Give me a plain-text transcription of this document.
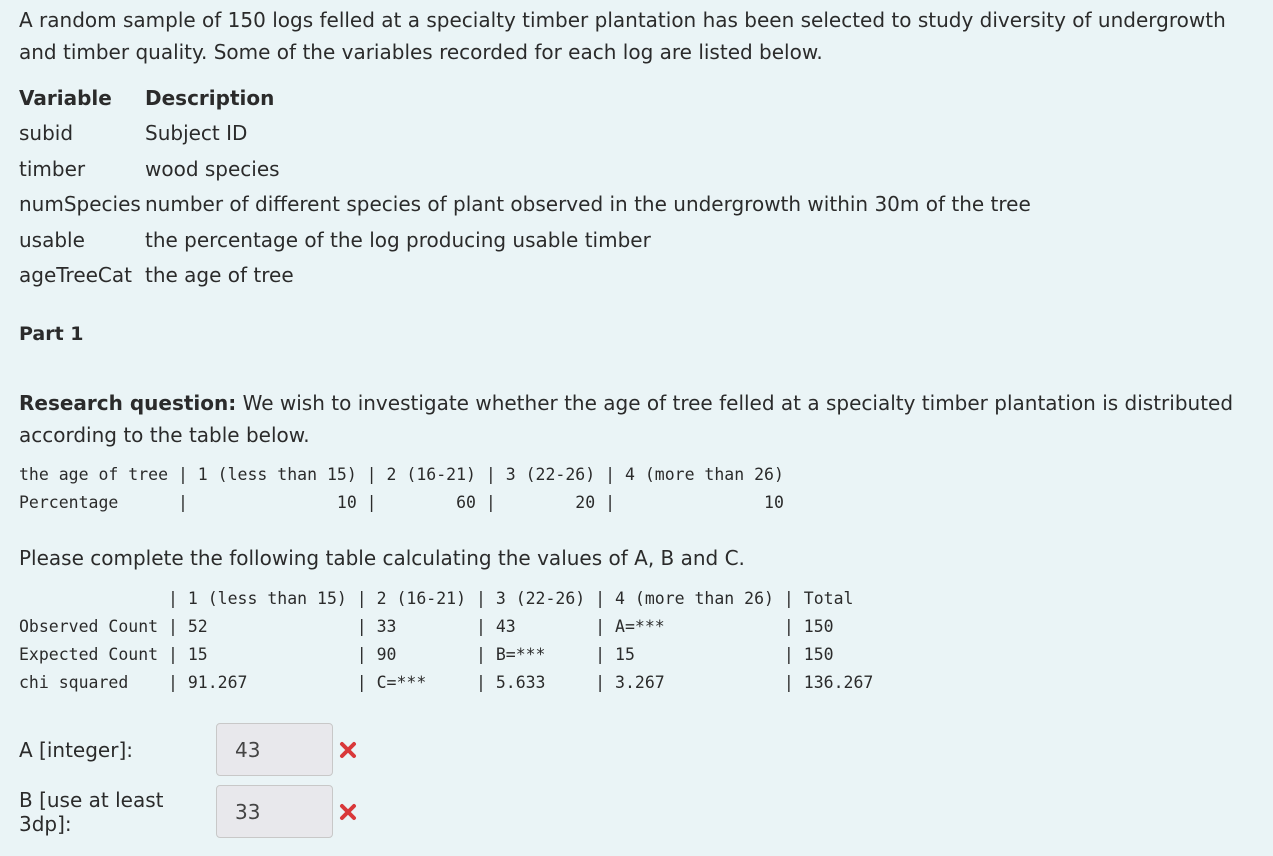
A random sample of 150 logs felled at a specialty timber plantation has been selected to study diversity of undergrowth and timber quality. Some of the variables recorded for each log are listed below.

Variable	Description
subid	Subject ID
timber	wood species
numSpecies	number of different species of plant observed in the undergrowth within 30m of the tree
usable	the percentage of the log producing usable timber
ageTreeCat	the age of tree
Part 1

Research question: We wish to investigate whether the age of tree felled at a specialty timber plantation is distributed according to the table below.

the age of tree | 1 (less than 15) | 2 (16-21) | 3 (22-26) | 4 (more than 26)
Percentage      |               10 |        60 |        20 |               10

Please complete the following table calculating the values of A, B and C.

| 1 (less than 15) | 2 (16-21) | 3 (22-26) | 4 (more than 26) | Total
Observed Count | 52               | 33        | 43        | A=***            | 150
Expected Count | 15               | 90        | B=***     | 15               | 150
chi squared    | 91.267           | C=***     | 5.633     | 3.267            | 136.267
A [integer]:
43
B [use at least 3dp]:
33
